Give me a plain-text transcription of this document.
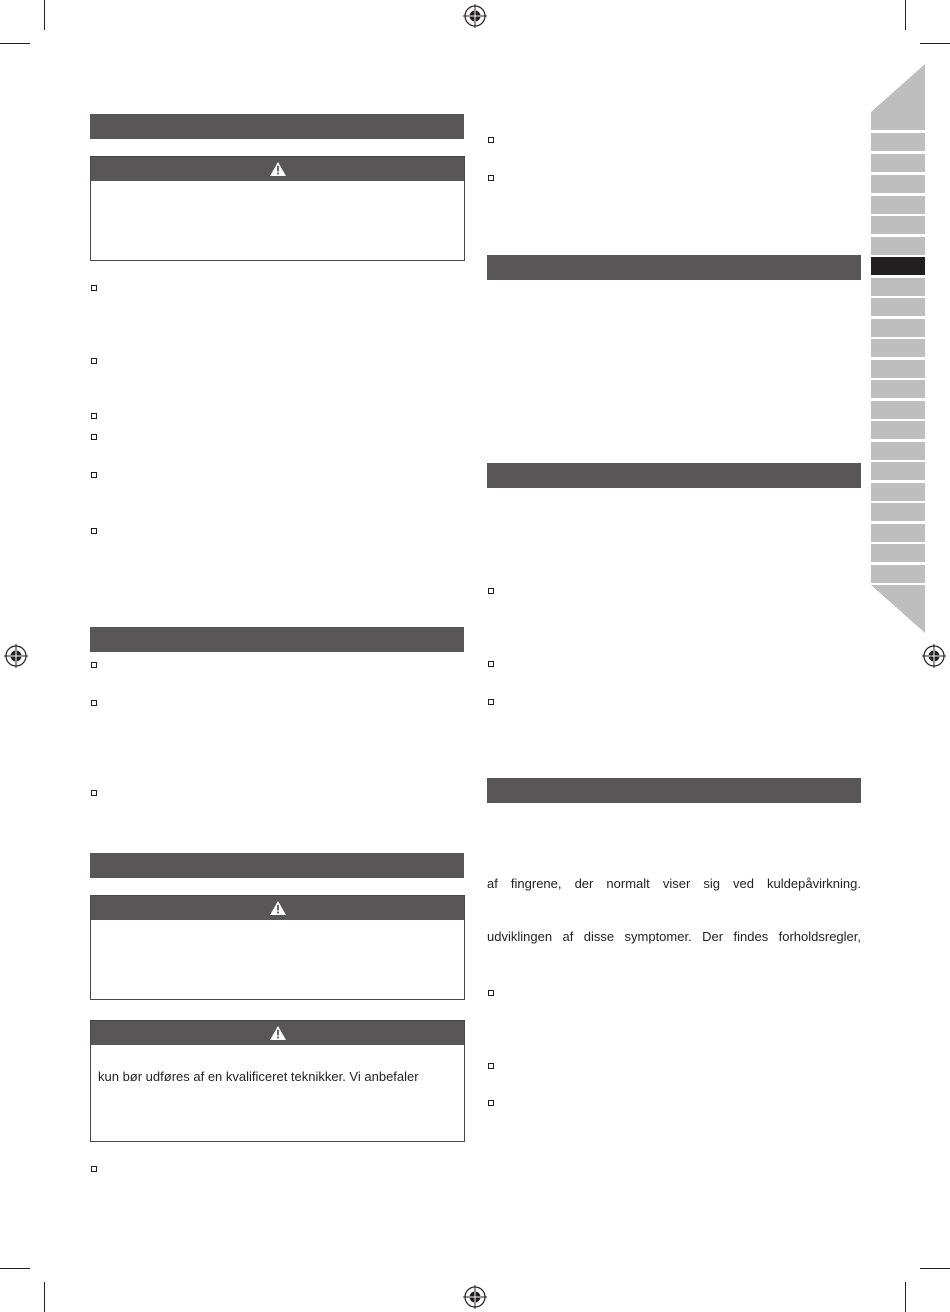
kun bør udføres af en kvalificeret teknikker. Vi anbefaler
af fingrene, der normalt viser sig ved kuldepåvirkning.
udviklingen af disse symptomer. Der findes forholdsregler,
